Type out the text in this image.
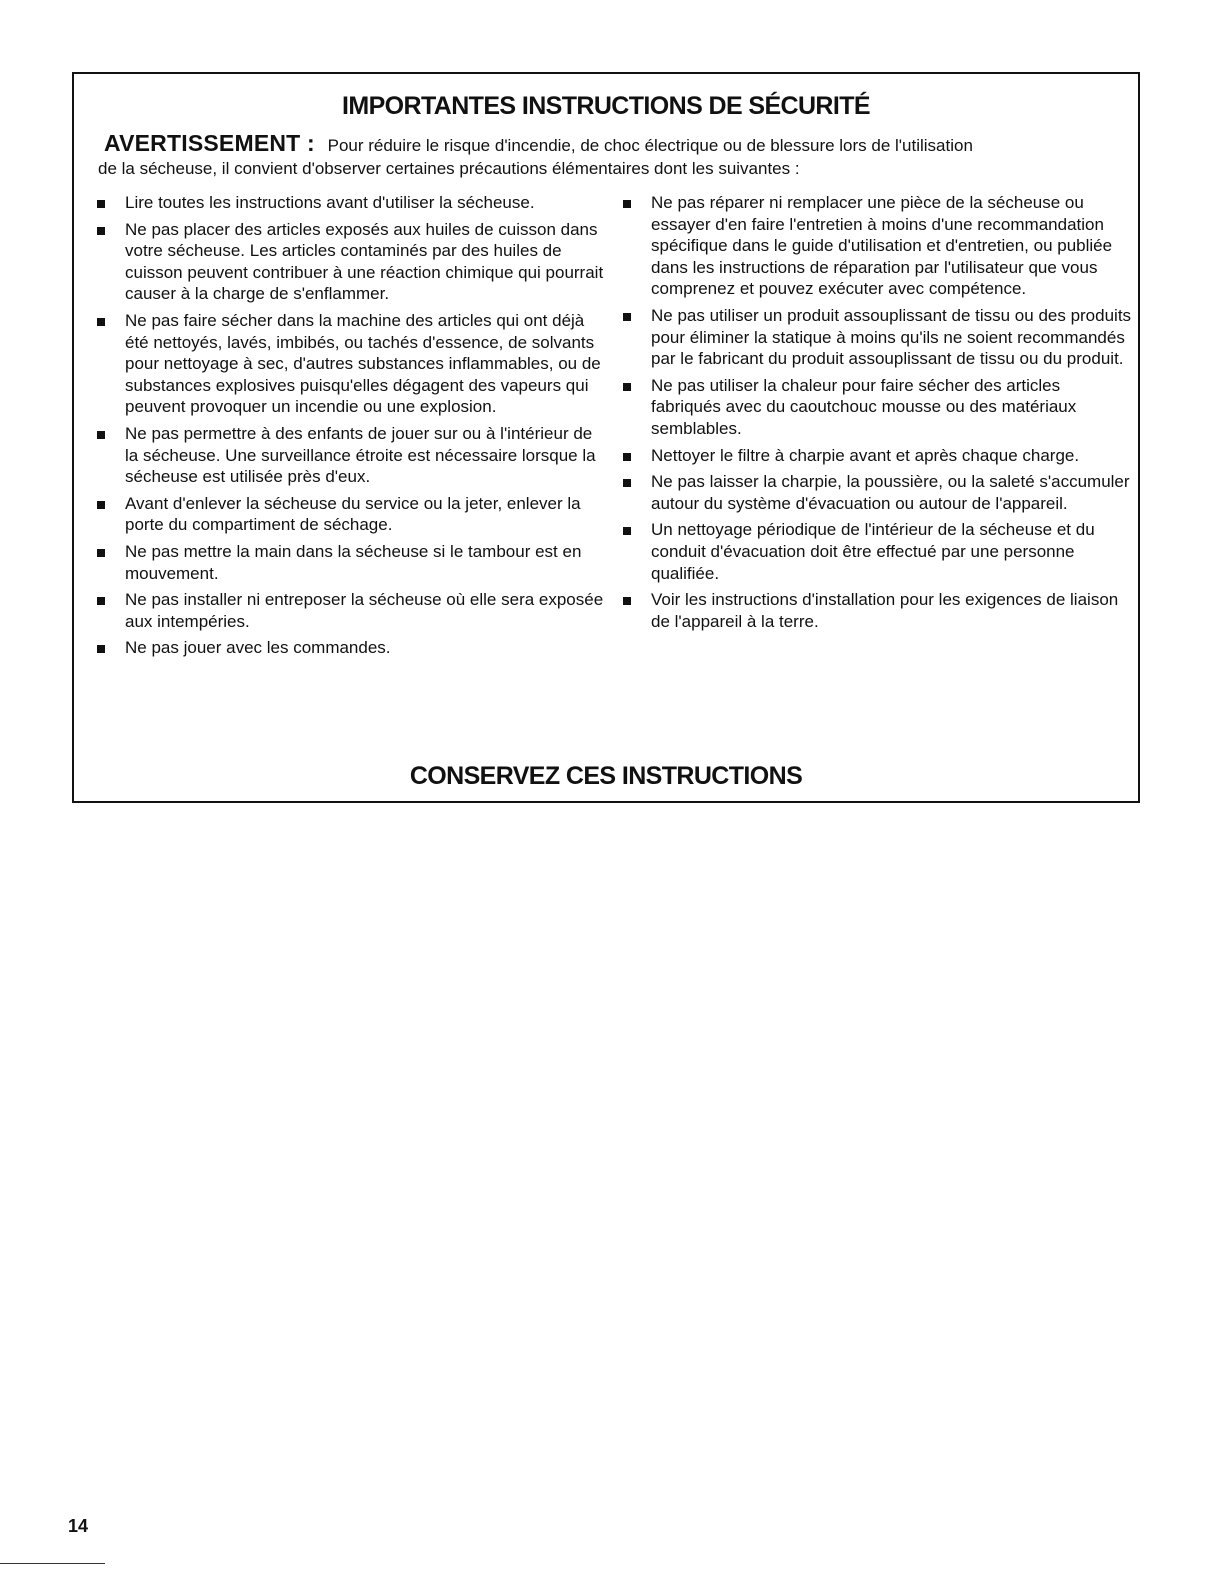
IMPORTANTES INSTRUCTIONS DE SÉCURITÉ

AVERTISSEMENT : Pour réduire le risque d'incendie, de choc électrique ou de blessure lors de l'utilisation
de la sécheuse, il convient d'observer certaines précautions élémentaires dont les suivantes :

Lire toutes les instructions avant d'utiliser la sécheuse.
Ne pas placer des articles exposés aux huiles de cuisson dans votre sécheuse. Les articles contaminés par des huiles de cuisson peuvent contribuer à une réaction chimique qui pourrait causer à la charge de s'enflammer.
Ne pas faire sécher dans la machine des articles qui ont déjà été nettoyés, lavés, imbibés, ou tachés d'essence, de solvants pour nettoyage à sec, d'autres substances inflammables, ou de substances explosives puisqu'elles dégagent des vapeurs qui peuvent provoquer un incendie ou une explosion.
Ne pas permettre à des enfants de jouer sur ou à l'intérieur de la sécheuse. Une surveillance étroite est nécessaire lorsque la sécheuse est utilisée près d'eux.
Avant d'enlever la sécheuse du service ou la jeter, enlever la porte du compartiment de séchage.
Ne pas mettre la main dans la sécheuse si le tambour est en mouvement.
Ne pas installer ni entreposer la sécheuse où elle sera exposée aux intempéries.
Ne pas jouer avec les commandes.
Ne pas réparer ni remplacer une pièce de la sécheuse ou essayer d'en faire l'entretien à moins d'une recommandation spécifique dans le guide d'utilisation et d'entretien, ou publiée dans les instructions de réparation par l'utilisateur que vous comprenez et pouvez exécuter avec compétence.
Ne pas utiliser un produit assouplissant de tissu ou des produits pour éliminer la statique à moins qu'ils ne soient recommandés par le fabricant du produit assouplissant de tissu ou du produit.
Ne pas utiliser la chaleur pour faire sécher des articles fabriqués avec du caoutchouc mousse ou des matériaux semblables.
Nettoyer le filtre à charpie avant et après chaque charge.
Ne pas laisser la charpie, la poussière, ou la saleté s'accumuler autour du système d'évacuation ou autour de l'appareil.
Un nettoyage périodique de l'intérieur de la sécheuse et du conduit d'évacuation doit être effectué par une personne qualifiée.
Voir les instructions d'installation pour les exigences de liaison de l'appareil à la terre.
CONSERVEZ CES INSTRUCTIONS
14
